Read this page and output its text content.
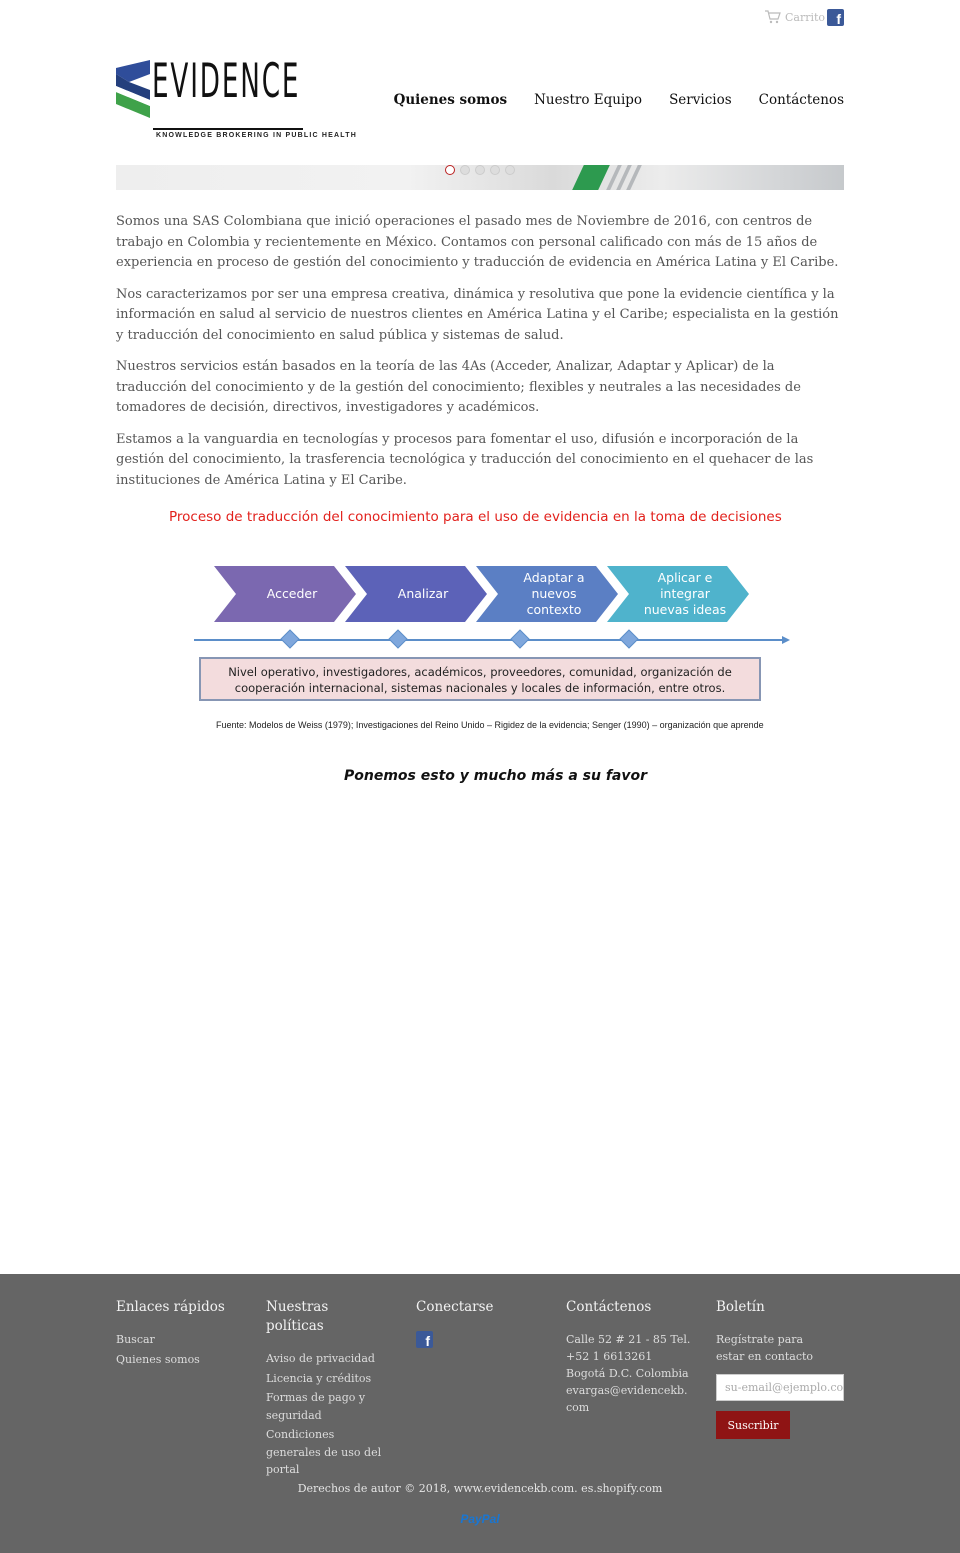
Carrito f
EVIDENCE
KNOWLEDGE BROKERING IN PUBLIC HEALTH
Quienes somos Nuestro Equipo Servicios Contáctenos

Somos una SAS Colombiana que inició operaciones el pasado mes de Noviembre de 2016, con centros de trabajo en Colombia y recientemente en México. Contamos con personal calificado con más de 15 años de experiencia en proceso de gestión del conocimiento y traducción de evidencia en América Latina y El Caribe.

Nos caracterizamos por ser una empresa creativa, dinámica y resolutiva que pone la evidencie científica y la información en salud al servicio de nuestros clientes en América Latina y el Caribe; especialista en la gestión y traducción del conocimiento en salud pública y sistemas de salud.

Nuestros servicios están basados en la teoría de las 4As (Acceder, Analizar, Adaptar y Aplicar) de la traducción del conocimiento y de la gestión del conocimiento; flexibles y neutrales a las necesidades de tomadores de decisión, directivos, investigadores y académicos.

Estamos a la vanguardia en tecnologías y procesos para fomentar el uso, difusión e incorporación de la gestión del conocimiento, la trasferencia tecnológica y traducción del conocimiento en el quehacer de las instituciones de América Latina y El Caribe.

Proceso de traducción del conocimiento para el uso de evidencia en la toma de decisiones
Acceder	Analizar
Adaptar a
nuevos
contexto
Aplicar e
integrar
nuevas ideas
Nivel operativo, investigadores, académicos, proveedores, comunidad, organización de cooperación internacional, sistemas nacionales y locales de información, entre otros.
Fuente: Modelos de Weiss (1979); Investigaciones del Reino Unido – Rigidez de la evidencia; Senger (1990) – organización que aprende
Ponemos esto y mucho más a su favor
Enlaces rápidos
Buscar
Quienes somos
Nuestras políticas
Aviso de privacidad
Licencia y créditos
Formas de pago y seguridad
Condiciones generales de uso del portal
Conectarse
f
Contáctenos
Calle 52 # 21 - 85 Tel. +52 1 6613261 Bogotá D.C. Colombia evargas@evidencekb.com
Boletín
Regístrate para estar en contacto
su-email@ejemplo.com
Suscribir
Derechos de autor © 2018, www.evidencekb.com. es.shopify.com
PayPal
